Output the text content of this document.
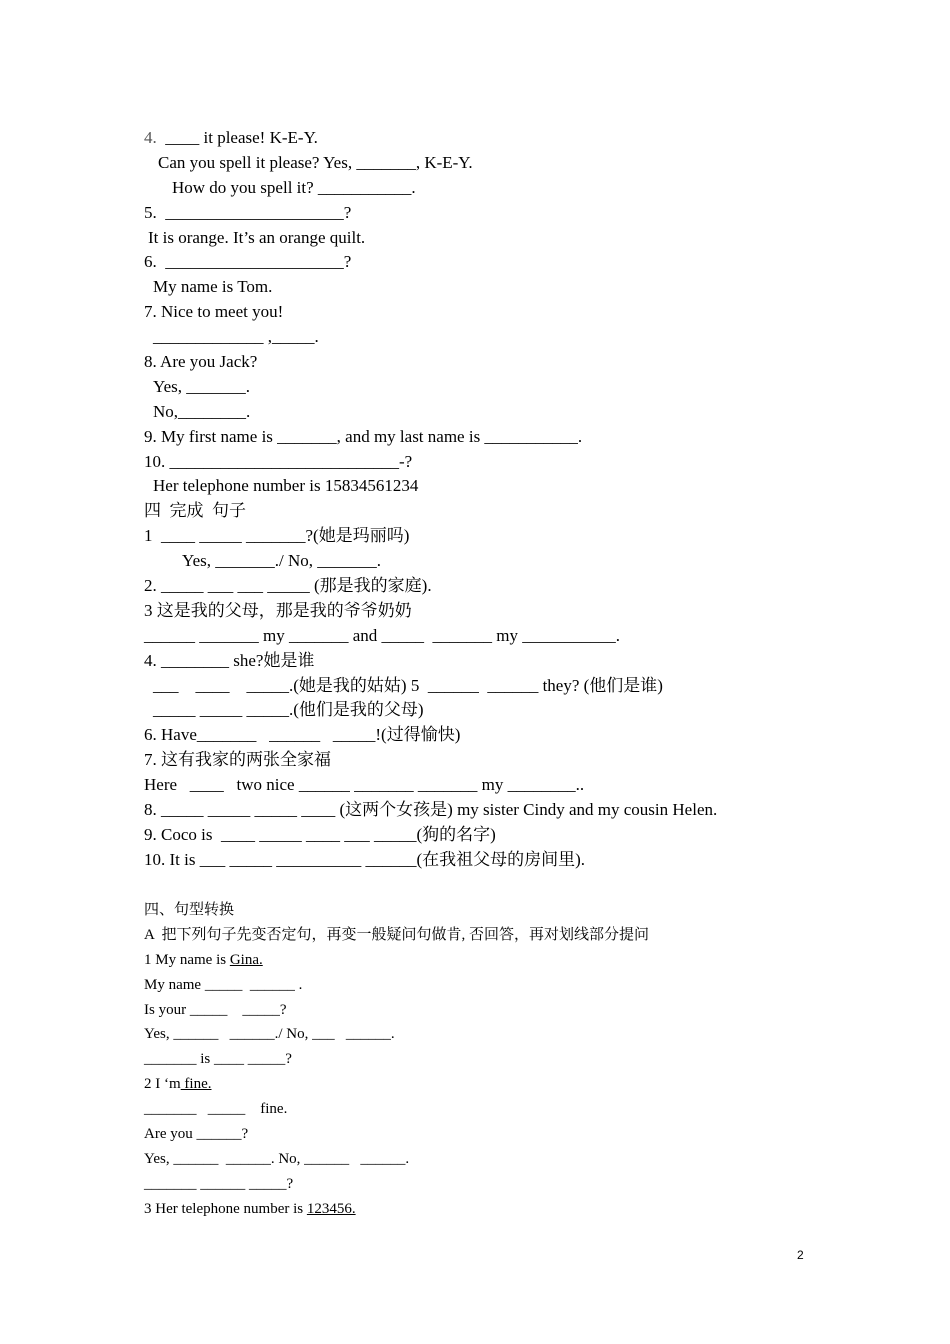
4.  ____ it please! K-E-Y.
Can you spell it please? Yes, _______, K-E-Y.
How do you spell it? ___________.
5.  _____________________?
It is orange. It’s an orange quilt.
6.  _____________________?
My name is Tom.
7. Nice to meet you!
_____________ ,_____.
8. Are you Jack?
Yes, _______.
No,________.
9. My first name is _______, and my last name is ___________.
10. ___________________________-?
Her telephone number is 15834561234
四  完成  句子
1  ____ _____ _______?(她是玛丽吗)
Yes, _______./ No, _______.
2. _____ ___ ___ _____ (那是我的家庭).
3 这是我的父母，那是我的爷爷奶奶
______ _______ my _______ and _____  _______ my ___________.
4. ________ she?她是谁
___    ____    _____.(她是我的姑姑) 5  ______  ______ they? (他们是谁)
_____ _____ _____.(他们是我的父母)
6. Have_______   ______   _____!(过得愉快)
7. 这有我家的两张全家福
Here   ____   two nice ______ _______ _______ my ________..
8. _____ _____ _____ ____ (这两个女孩是) my sister Cindy and my cousin Helen.
9. Coco is  ____ _____ ____ ___ _____(狗的名字)
10. It is ___ _____ __________ ______(在我祖父母的房间里).
四、句型转换
A  把下列句子先变否定句，再变一般疑问句做肯, 否回答，再对划线部分提问
1 My name is Gina.
My name _____  ______ .
Is your _____    _____?
Yes, ______   ______./ No, ___   ______.
_______ is ____ _____?
2 I ‘m fine.
_______   _____    fine.
Are you ______?
Yes, ______  ______. No, ______   ______.
_______ ______ _____?
3 Her telephone number is 123456.
2
